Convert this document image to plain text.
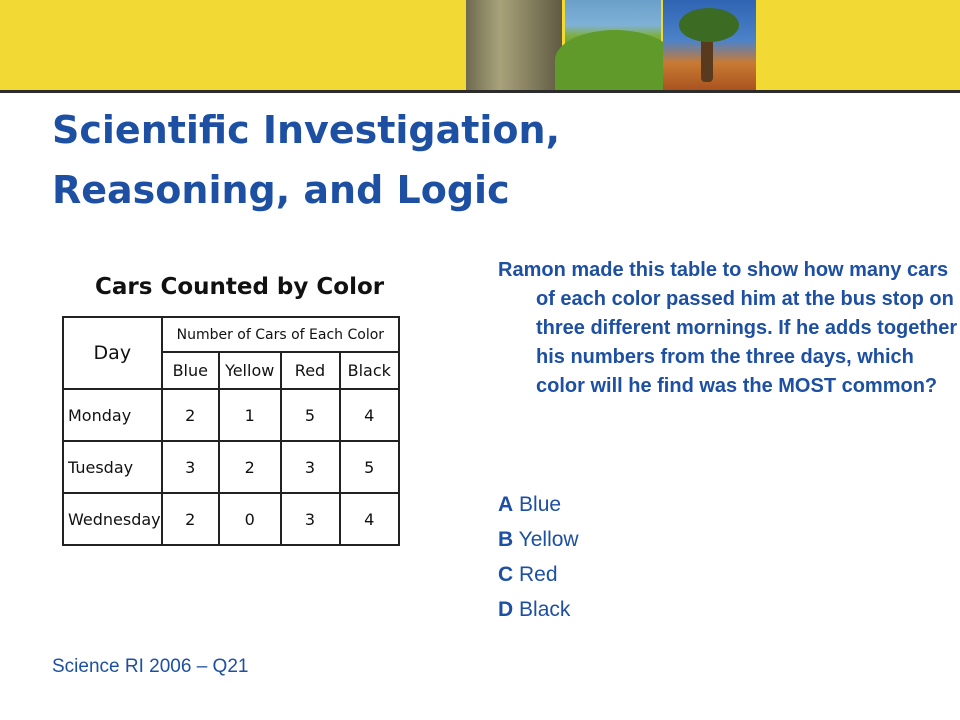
Scientific Investigation,
Reasoning, and Logic

Cars Counted by Color

Day	Number of Cars of Each Color			
	Blue	Yellow	Red	Black
Monday	2	1	5	4
Tuesday	3	2	3	5
Wednesday	2	0	3	4

Ramon made this table to show how many cars of each color passed him at the bus stop on three different mornings. If he adds together his numbers from the three days, which color will he find was the MOST common?

A Blue
B Yellow
C Red
D Black

Science RI 2006 – Q21
